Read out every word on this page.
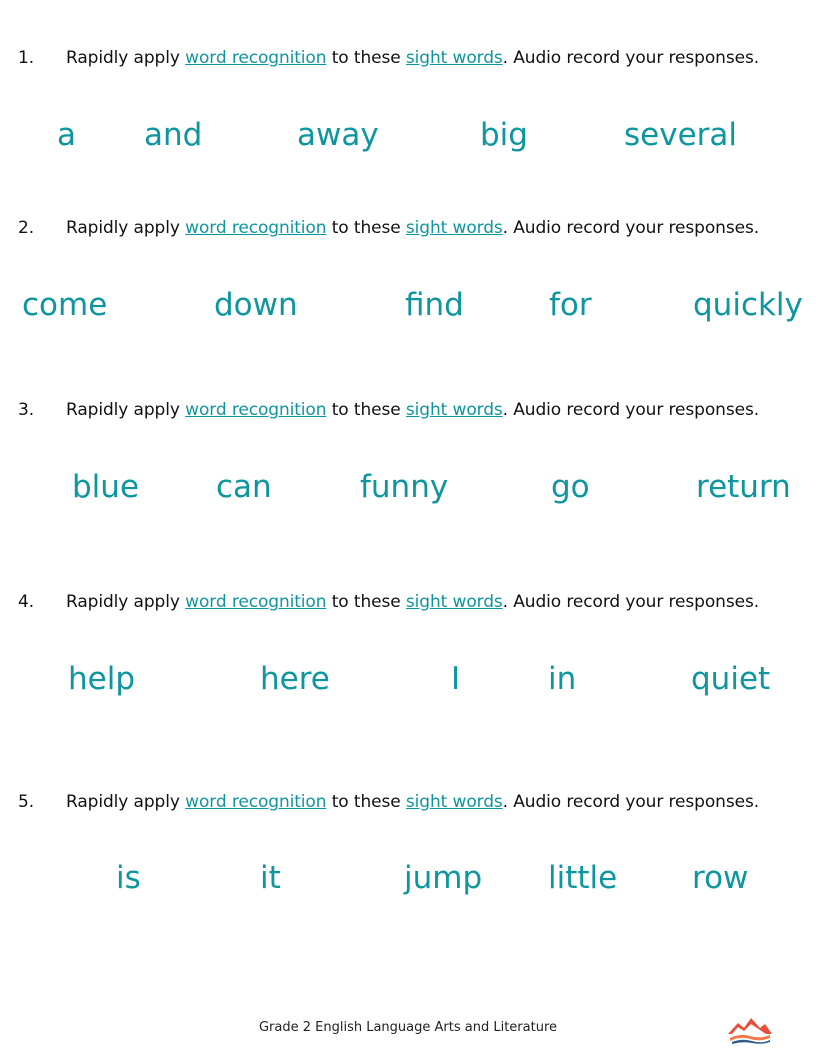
1. Rapidly apply word recognition to these sight words. Audio record your responses.
a and	away	big	several
2. Rapidly apply word recognition to these sight words. Audio record your responses.
come	down	find	for	quickly
3. Rapidly apply word recognition to these sight words. Audio record your responses.
blue can	funny	go	return
4. Rapidly apply word recognition to these sight words. Audio record your responses.
help	here	I	in	quiet
5. Rapidly apply word recognition to these sight words. Audio record your responses.
is	it	jump little row
Grade 2 English Language Arts and Literature
